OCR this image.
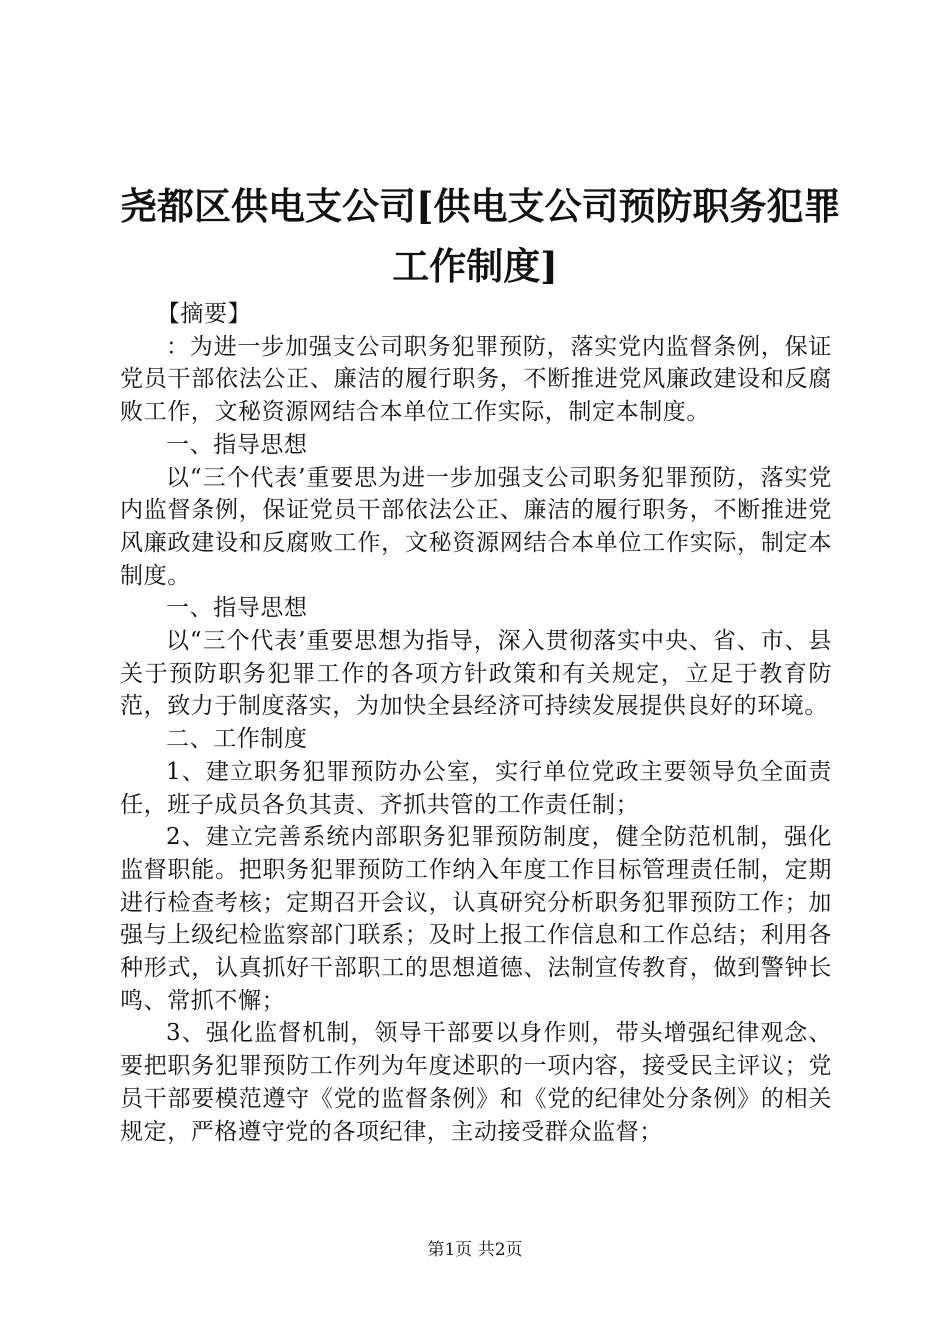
尧都区供电支公司[供电支公司预防职务犯罪
工作制度]

【摘要】

：为进一步加强支公司职务犯罪预防，落实党内监督条例，保证党员干部依法公正、廉洁的履行职务，不断推进党风廉政建设和反腐败工作，文秘资源网结合本单位工作实际，制定本制度。

一、指导思想

以“三个代表’重要思为进一步加强支公司职务犯罪预防，落实党内监督条例，保证党员干部依法公正、廉洁的履行职务，不断推进党风廉政建设和反腐败工作，文秘资源网结合本单位工作实际，制定本制度。

一、指导思想

以“三个代表’重要思想为指导，深入贯彻落实中央、省、市、县关于预防职务犯罪工作的各项方针政策和有关规定，立足于教育防范，致力于制度落实，为加快全县经济可持续发展提供良好的环境。

二、工作制度

1、建立职务犯罪预防办公室，实行单位党政主要领导负全面责任，班子成员各负其责、齐抓共管的工作责任制；

2、建立完善系统内部职务犯罪预防制度，健全防范机制，强化监督职能。把职务犯罪预防工作纳入年度工作目标管理责任制，定期进行检查考核；定期召开会议，认真研究分析职务犯罪预防工作；加强与上级纪检监察部门联系；及时上报工作信息和工作总结；利用各种形式，认真抓好干部职工的思想道德、法制宣传教育，做到警钟长鸣、常抓不懈；

3、强化监督机制，领导干部要以身作则，带头增强纪律观念、要把职务犯罪预防工作列为年度述职的一项内容，接受民主评议；党员干部要模范遵守《党的监督条例》和《党的纪律处分条例》的相关规定，严格遵守党的各项纪律，主动接受群众监督；

第1页 共2页
